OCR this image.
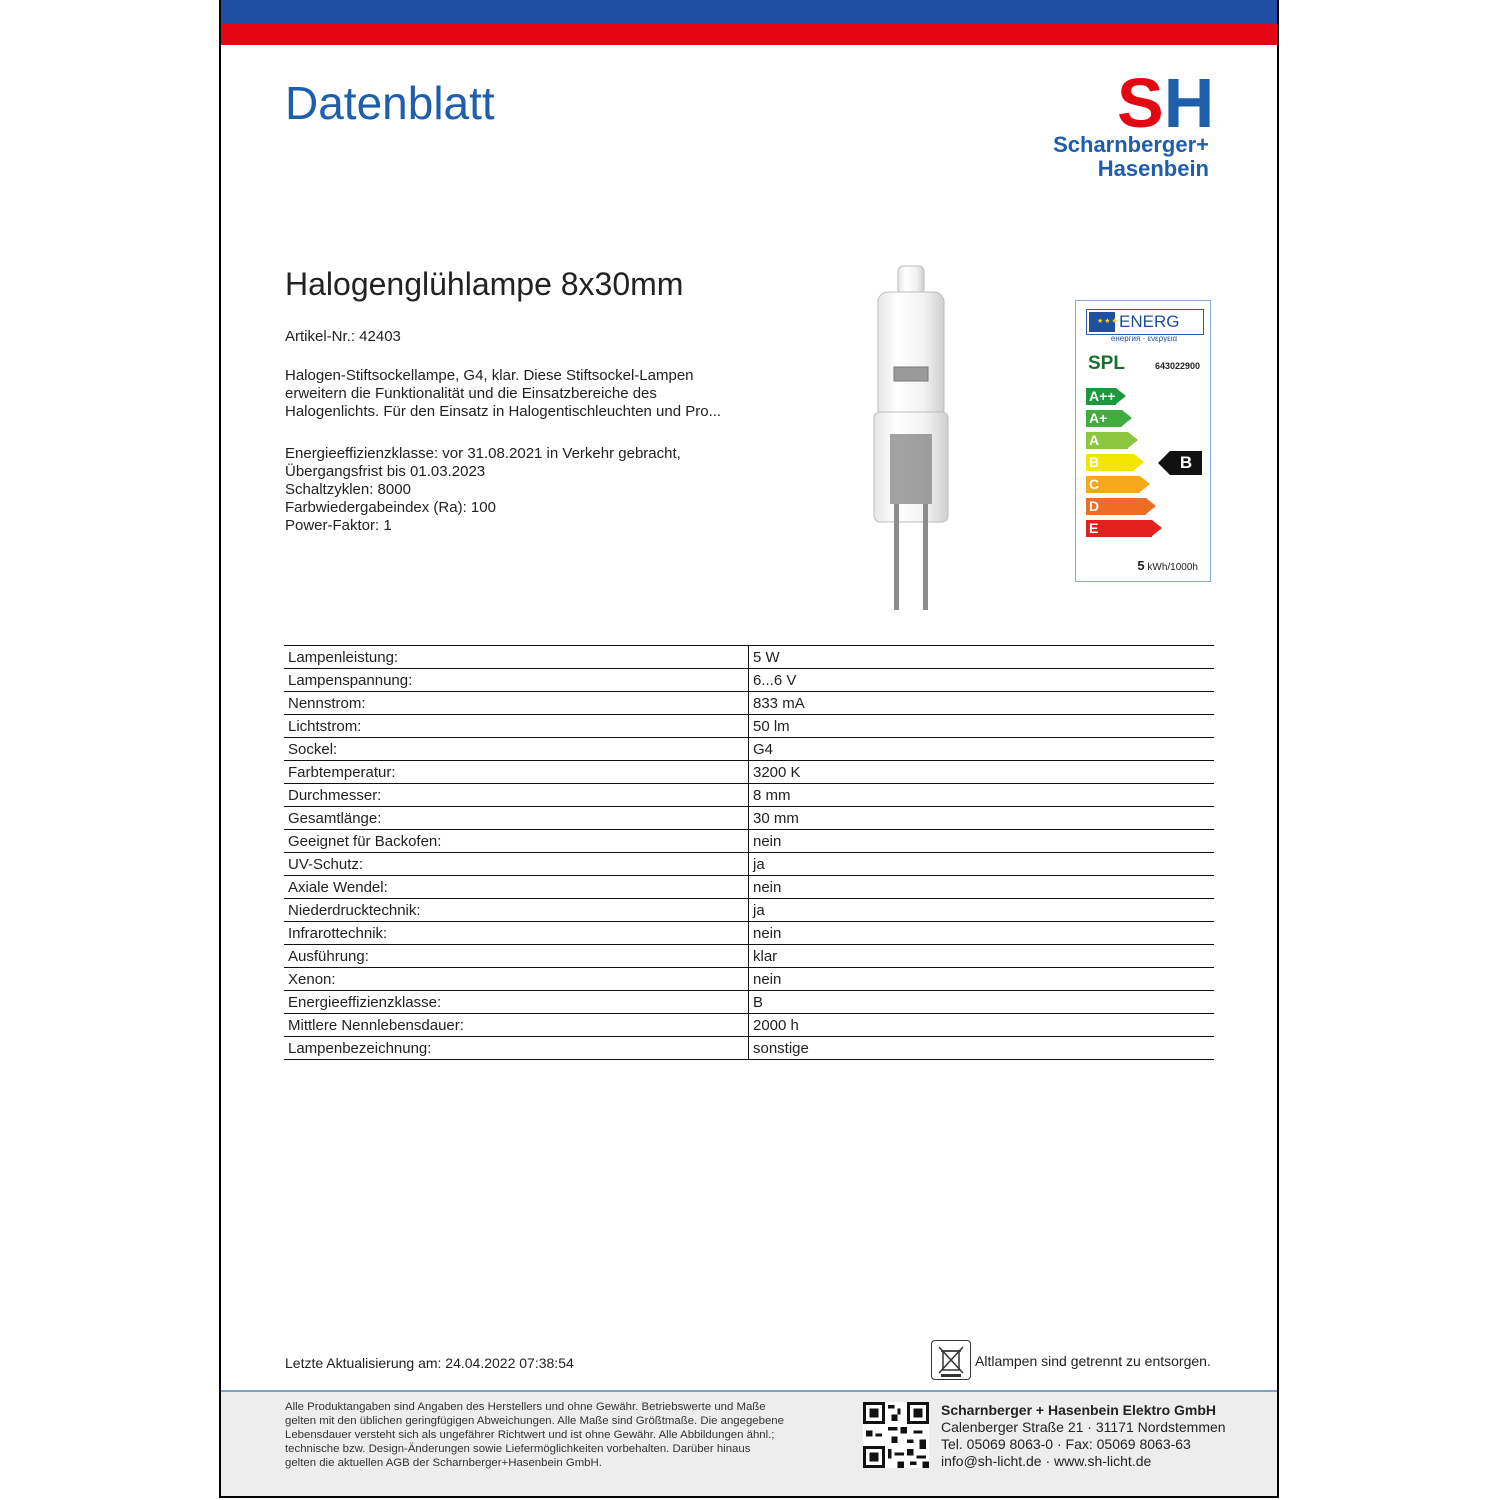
Datenblatt	SH
Scharnberger+
Hasenbein
Halogenglühlampe 8x30mm
Artikel-Nr.: 42403
Halogen-Stiftsockellampe, G4, klar. Diese Stiftsockel-Lampen
erweitern die Funktionalität und die Einsatzbereiche des
Halogenlichts. Für den Einsatz in Halogentischleuchten und Pro...
Energieeffizienzklasse: vor 31.08.2021 in Verkehr gebracht,
Übergangsfrist bis 01.03.2023
Schaltzyklen: 8000
Farbwiedergabeindex (Ra): 100
Power-Faktor: 1
★★★ ENERG
енергия · ενεργεια
SPL	643022900
A++
A+
A
B
C
D
E
B
5 kWh/1000h
Lampenleistung:	5 W
Lampenspannung:	6...6 V
Nennstrom:	833 mA
Lichtstrom:	50 lm
Sockel:	G4
Farbtemperatur:	3200 K
Durchmesser:	8 mm
Gesamtlänge:	30 mm
Geeignet für Backofen:	nein
UV-Schutz:	ja
Axiale Wendel:	nein
Niederdrucktechnik:	ja
Infrarottechnik:	nein
Ausführung:	klar
Xenon:	nein
Energieeffizienzklasse:	B
Mittlere Nennlebensdauer:	2000 h
Lampenbezeichnung:	sonstige
Letzte Aktualisierung am: 24.04.2022 07:38:54	Altlampen sind getrennt zu entsorgen.
Alle Produktangaben sind Angaben des Herstellers und ohne Gewähr. Betriebswerte und Maße
gelten mit den üblichen geringfügigen Abweichungen. Alle Maße sind Größtmaße. Die angegebene
Lebensdauer versteht sich als ungefährer Richtwert und ist ohne Gewähr. Alle Abbildungen ähnl.;
technische bzw. Design-Änderungen sowie Liefermöglichkeiten vorbehalten. Darüber hinaus
gelten die aktuellen AGB der Scharnberger+Hasenbein GmbH.
Scharnberger + Hasenbein Elektro GmbH
Calenberger Straße 21 · 31171 Nordstemmen
Tel. 05069 8063-0 · Fax: 05069 8063-63
info@sh-licht.de · www.sh-licht.de
